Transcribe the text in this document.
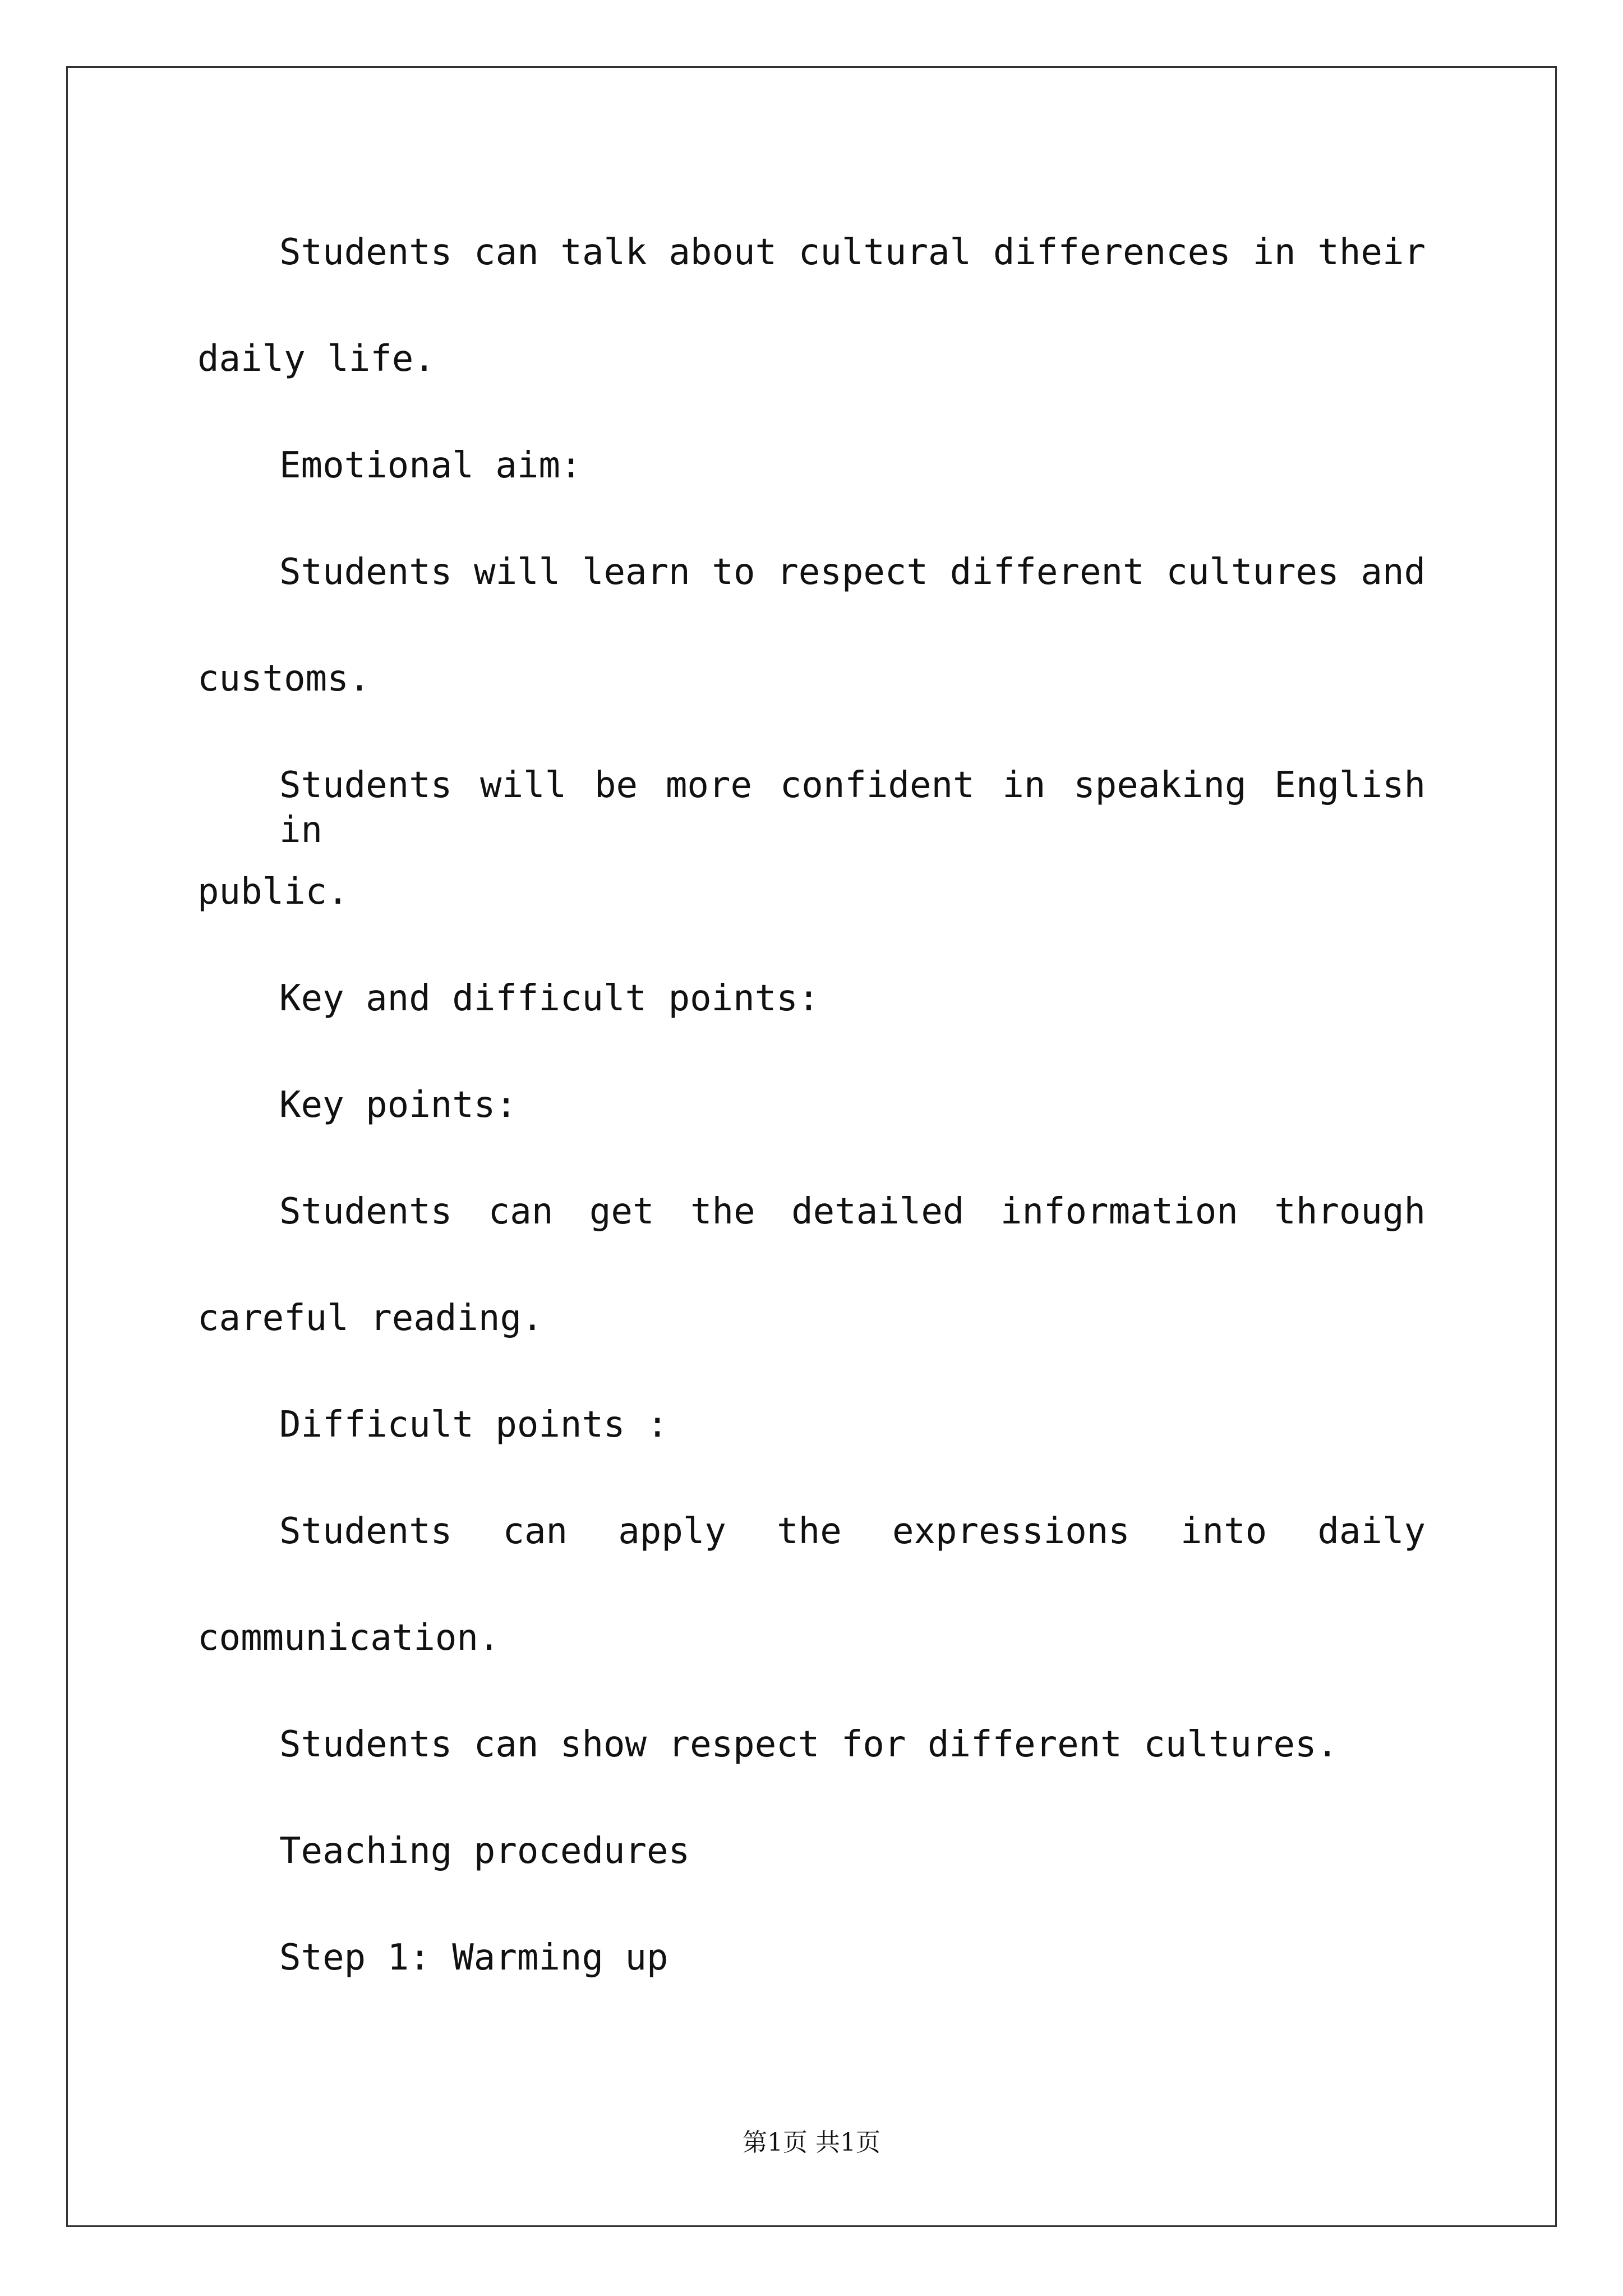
Students can talk about cultural differences in their
daily life.
Emotional aim:
Students will learn to respect different cultures and
customs.
Students will be more confident in speaking English in
public.
Key and difficult points:
Key points:
Students can get the detailed information through
careful reading.
Difficult points :
Students can apply the expressions into daily
communication.
Students can show respect for different cultures.
Teaching procedures
Step 1: Warming up
第1页 共1页
